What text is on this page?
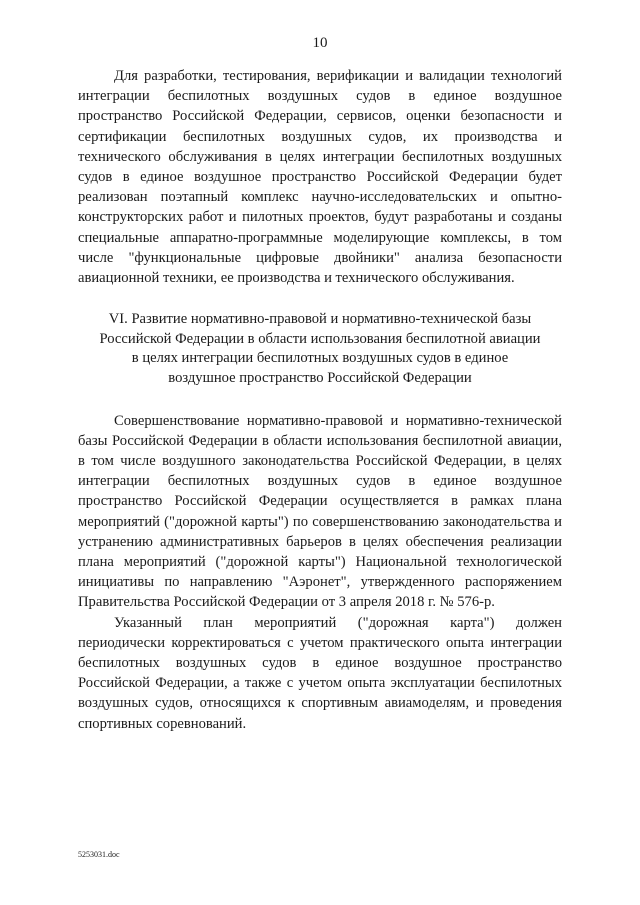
10

Для разработки, тестирования, верификации и валидации технологий интеграции беспилотных воздушных судов в единое воздушное пространство Российской Федерации, сервисов, оценки безопасности и сертификации беспилотных воздушных судов, их производства и технического обслуживания в целях интеграции беспилотных воздушных судов в единое воздушное пространство Российской Федерации будет реализован поэтапный комплекс научно-исследовательских и опытно-конструкторских работ и пилотных проектов, будут разработаны и созданы специальные аппаратно-программные моделирующие комплексы, в том числе "функциональные цифровые двойники" анализа безопасности авиационной техники, ее производства и технического обслуживания.

VI. Развитие нормативно-правовой и нормативно-технической базы
Российской Федерации в области использования беспилотной авиации
в целях интеграции беспилотных воздушных судов в единое
воздушное пространство Российской Федерации

Совершенствование нормативно-правовой и нормативно-технической базы Российской Федерации в области использования беспилотной авиации, в том числе воздушного законодательства Российской Федерации, в целях интеграции беспилотных воздушных судов в единое воздушное пространство Российской Федерации осуществляется в рамках плана мероприятий ("дорожной карты") по совершенствованию законодательства и устранению административных барьеров в целях обеспечения реализации плана мероприятий ("дорожной карты") Национальной технологической инициативы по направлению "Аэронет", утвержденного распоряжением Правительства Российской Федерации от 3 апреля 2018 г. № 576-р.

Указанный план мероприятий ("дорожная карта") должен периодически корректироваться с учетом практического опыта интеграции беспилотных воздушных судов в единое воздушное пространство Российской Федерации, а также с учетом опыта эксплуатации беспилотных воздушных судов, относящихся к спортивным авиамоделям, и проведения спортивных соревнований.

5253031.doc
